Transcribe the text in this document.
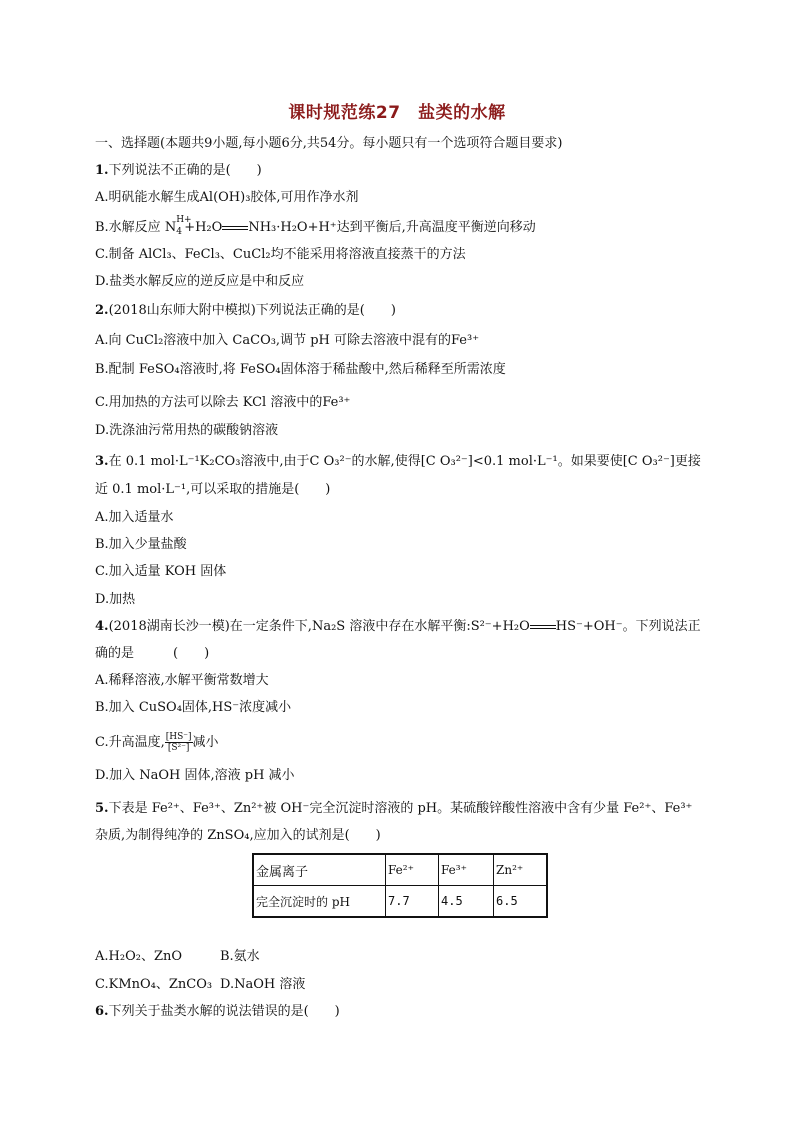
课时规范练27　盐类的水解
一、选择题(本题共9小题,每小题6分,共54分。每小题只有一个选项符合题目要求)
1.下列说法不正确的是(　　)
A.明矾能水解生成Al(OH)₃胶体,可用作净水剂
B.水解反应 N H+
4 +H₂O NH₃·H₂O+H⁺达到平衡后,升高温度平衡逆向移动
C.制备 AlCl₃、FeCl₃、CuCl₂均不能采用将溶液直接蒸干的方法
D.盐类水解反应的逆反应是中和反应
2.(2018山东师大附中模拟)下列说法正确的是(　　)
A.向 CuCl₂溶液中加入 CaCO₃,调节 pH 可除去溶液中混有的Fe³⁺
B.配制 FeSO₄溶液时,将 FeSO₄固体溶于稀盐酸中,然后稀释至所需浓度
C.用加热的方法可以除去 KCl 溶液中的Fe³⁺
D.洗涤油污常用热的碳酸钠溶液
3.在 0.1 mol·L⁻¹K₂CO₃溶液中,由于C O₃²⁻的水解,使得[C O₃²⁻]<0.1 mol·L⁻¹。如果要使[C O₃²⁻]更接
近 0.1 mol·L⁻¹,可以采取的措施是(　　)
A.加入适量水
B.加入少量盐酸
C.加入适量 KOH 固体
D.加热
4.(2018湖南长沙一模)在一定条件下,Na₂S 溶液中存在水解平衡:S²⁻+H₂O HS⁻+OH⁻。下列说法正
确的是　　　(　　)
A.稀释溶液,水解平衡常数增大
B.加入 CuSO₄固体,HS⁻浓度减小
C.升高温度, $\frac{[HS^-]}{\text{[S²⁻]}}$减小
D.加入 NaOH 固体,溶液 pH 减小
5.下表是 Fe²⁺、Fe³⁺、Zn²⁺被 OH⁻完全沉淀时溶液的 pH。某硫酸锌酸性溶液中含有少量 Fe²⁺、Fe³⁺
杂质,为制得纯净的 ZnSO₄,应加入的试剂是(　　)
金属离子	Fe²⁺	Fe³⁺	Zn²⁺
完全沉淀时的 pH	7.7	4.5	6.5
A.H₂O₂、ZnO	B.氨水
C.KMnO₄、ZnCO₃ D.NaOH 溶液
6.下列关于盐类水解的说法错误的是(　　)
